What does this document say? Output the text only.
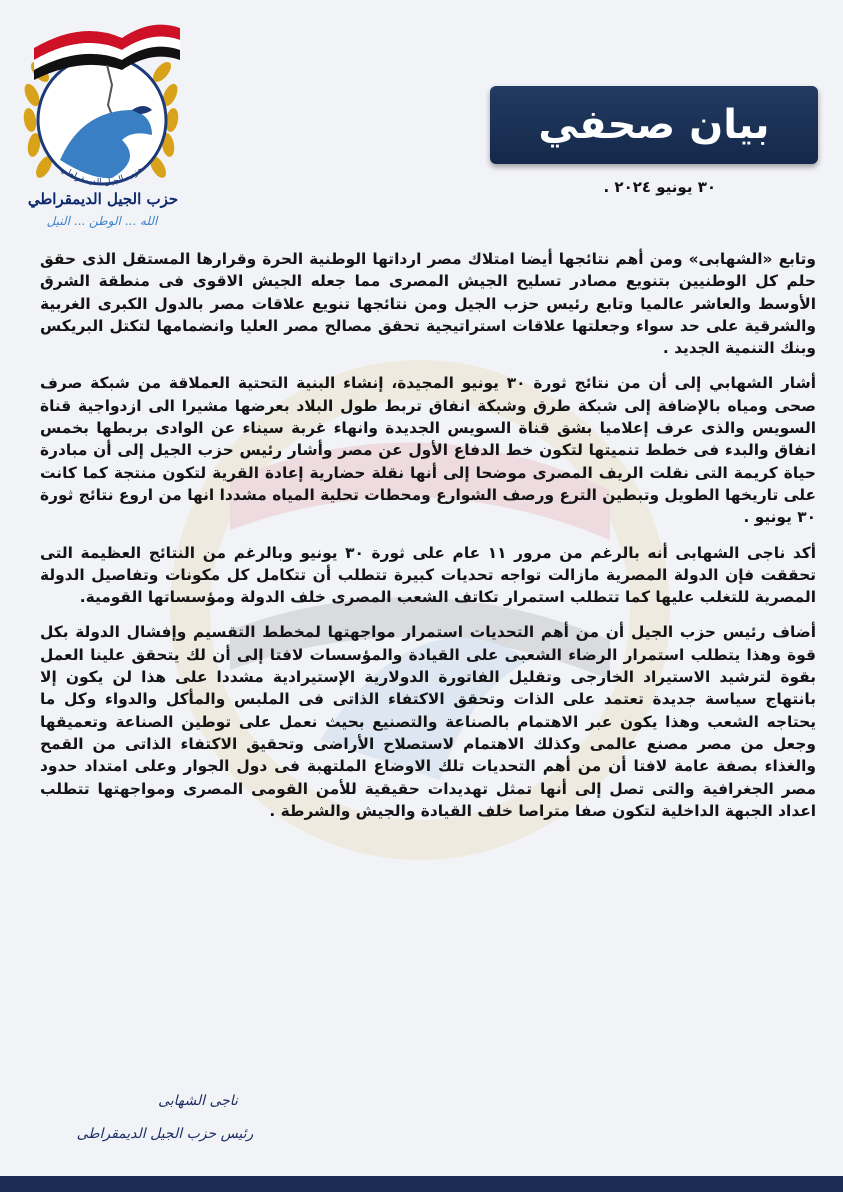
حزب الجيل الديمقراطي
حزب الجيل الديمقراطي
الله ... الوطن ... النيل
بيان صحفي
٣٠ يونيو ٢٠٢٤ .

وتابع «الشهابى» ومن أهم نتائجها أيضا امتلاك مصر ارداتها الوطنية الحرة وقرارها المستقل الذى حقق حلم كل الوطنيين بتنويع مصادر تسليح الجيش المصرى مما جعله الجيش الاقوى فى منطقة الشرق الأوسط والعاشر عالميا وتابع رئيس حزب الجيل ومن نتائجها تنويع علاقات مصر بالدول الكبرى الغربية والشرقية على حد سواء وجعلتها علاقات استراتيجية تحقق مصالح مصر العليا وانضمامها لتكتل البريكس وبنك التنمية الجديد .

أشار الشهابي إلى أن من نتائج ثورة ٣٠ يونيو المجيدة، إنشاء البنية التحتية العملاقة من شبكة صرف صحى ومياه بالإضافة إلى شبكة طرق وشبكة انفاق تربط طول البلاد بعرضها مشيرا الى ازدواجية قناة السويس والذى عرف إعلاميا بشق قناة السويس الجديدة وانهاء غربة سيناء عن الوادى بربطها بخمس انفاق والبدء فى خطط تنميتها لتكون خط الدفاع الأول عن مصر وأشار رئيس حزب الجيل إلى أن مبادرة حياة كريمة التى نقلت الريف المصرى موضحا إلى أنها نقلة حضارية إعادة القرية لتكون منتجة كما كانت على تاريخها الطويل وتبطين الترع ورصف الشوارع ومحطات تحلية المياه مشددا انها من اروع نتائج ثورة ٣٠ يونيو .

أكد ناجى الشهابى أنه بالرغم من مرور ١١ عام على ثورة ٣٠ يونيو وبالرغم من النتائج العظيمة التى تحققت فإن الدولة المصرية مازالت تواجه تحديات كبيرة تتطلب أن تتكامل كل مكونات وتفاصيل الدولة المصرية للتغلب عليها كما تتطلب استمرار تكاتف الشعب المصرى خلف الدولة ومؤسساتها القومية.

أضاف رئيس حزب الجيل أن من أهم التحديات استمرار مواجهتها لمخطط التقسيم وإفشال الدولة بكل قوة وهذا يتطلب استمرار الرضاء الشعبى على القيادة والمؤسسات لافتا إلى أن لك يتحقق علينا العمل بقوة لترشيد الاستيراد الخارجى وتقليل الفاتورة الدولارية الإستيرادية مشددا على هذا لن يكون إلا بانتهاج سياسة جديدة تعتمد على الذات وتحقق الاكتفاء الذاتى فى الملبس والمأكل والدواء وكل ما يحتاجه الشعب وهذا يكون عبر الاهتمام بالصناعة والتصنيع بحيث نعمل على توطين الصناعة وتعميقها وجعل من مصر مصنع عالمى وكذلك الاهتمام لاستصلاح الأراضى وتحقيق الاكتفاء الذاتى من القمح والغذاء بصفة عامة لافتا أن من أهم التحديات تلك الاوضاع الملتهبة فى دول الجوار وعلى امتداد حدود مصر الجغرافية والتى تصل إلى أنها تمثل تهديدات حقيقية للأمن القومى المصرى ومواجهتها تتطلب اعداد الجبهة الداخلية لتكون صفا متراصا خلف القيادة والجيش والشرطة .

ناجى الشهابى
رئيس حزب الجيل الديمقراطى
